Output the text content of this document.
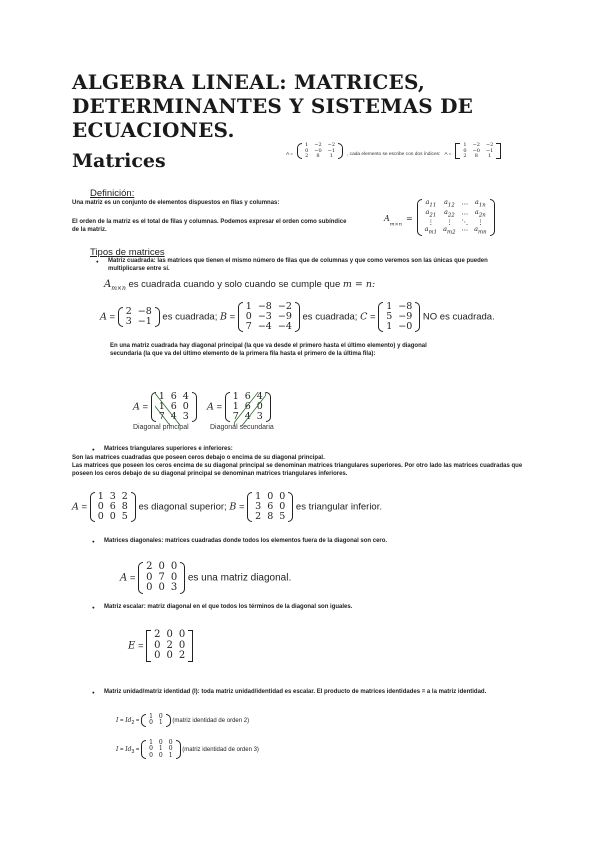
ALGEBRA LINEAL: MATRICES, DETERMINANTES Y SISTEMAS DE ECUACIONES.
Matrices	A =
1	−2	−2
0	−0	−1
2	8	1	, cada elemento se escribe con dos índices: A =
1	−2	−2
0	−0	−1
2	8	1
Definición:
Una matriz es un conjunto de elementos dispuestos en filas y columnas:
El orden de la matriz es el total de filas y columnas. Podemos expresar el orden como subíndice de la matriz.
$A_{m\times n}$ =
$a_{11}$	$a_{12}$	⋯	$a_{1n}$
$a_{21}$	$a_{22}$	⋯	$a_{2n}$
⋮	⋮	⋱	⋮
$a_{m1}$	$a_{m2}$	⋯	$a_{mn}$
Tipos de matrices
● Matriz cuadrada: las matrices que tienen el mismo número de filas que de columnas y que como veremos son las únicas que pueden multiplicarse entre sí.
$A_{m\times n}$ es cuadrada cuando y solo cuando se cumple que m = n:
A = 2	−8
3	−1 es cuadrada; B =
1	−8	−2
0	−3	−9
7	−4	−4
es cuadrada; C =
1	−8
5	−9
1	−0
NO es cuadrada.
En una matriz cuadrada hay diagonal principal (la que va desde el primero hasta el último elemento) y diagonal secundaria (la que va del último elemento de la primera fila hasta el primero de la última fila):
A =
1	6	4
1	6	0
7	4	3
Diagonal principal
A =
1	6	4
1	6	0
7	4	3
Diagonal secundaria
● Matrices triangulares superiores e inferiores:
Son las matrices cuadradas que poseen ceros debajo o encima de su diagonal principal.
Las matrices que poseen los ceros encima de su diagonal principal se denominan matrices triangulares superiores. Por otro lado las matrices cuadradas que poseen los ceros debajo de su diagonal principal se denominan matrices triangulares inferiores.
A =
1	3	2
0	6	8
0	0	5
es diagonal superior; B =
1	0	0
3	6	0
2	8	5
es triangular inferior.
● Matrices diagonales: matrices cuadradas donde todos los elementos fuera de la diagonal son cero.
A =
2	0	0
0	7	0
0	0	3
es una matriz diagonal.
● Matriz escalar: matriz diagonal en el que todos los términos de la diagonal son iguales.
E =
2	0	0
0	2	0
0	0	2
● Matriz unidad/matriz identidad (I): toda matriz unidad/identidad es escalar. El producto de matrices identidades = a la matriz identidad.
$I = Id_2$ =
1	0
0	1 (matriz identidad de orden 2)
$I = Id_3$ =
1	0	0
0	1	0
0	0	1
(matriz identidad de orden 3)
